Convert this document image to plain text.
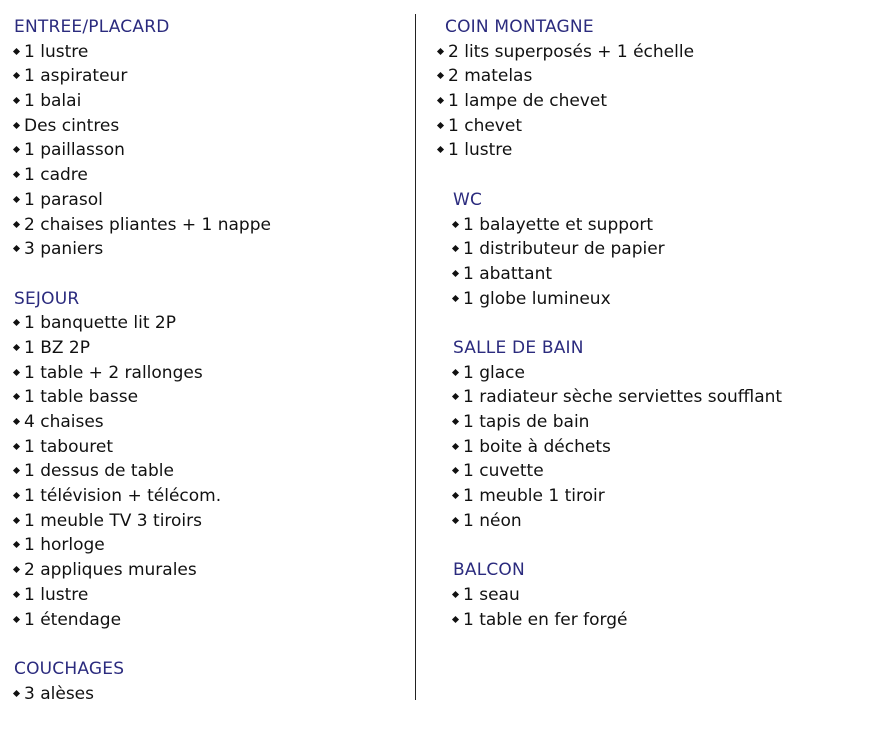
ENTREE/PLACARD
1 lustre
1 aspirateur
1 balai
Des cintres
1 paillasson
1 cadre
1 parasol
2 chaises pliantes + 1 nappe
3 paniers
SEJOUR
1 banquette lit 2P
1 BZ 2P
1 table + 2 rallonges
1 table basse
4 chaises
1 tabouret
1 dessus de table
1 télévision + télécom.
1 meuble TV 3 tiroirs
1 horloge
2 appliques murales
1 lustre
1 étendage
COUCHAGES
3 alèses
COIN MONTAGNE
2 lits superposés + 1 échelle
2 matelas
1 lampe de chevet
1 chevet
1 lustre
WC
1 balayette et support
1 distributeur de papier
1 abattant
1 globe lumineux
SALLE DE BAIN
1 glace
1 radiateur sèche serviettes soufflant
1 tapis de bain
1 boite à déchets
1 cuvette
1 meuble 1 tiroir
1 néon
BALCON
1 seau
1 table en fer forgé
